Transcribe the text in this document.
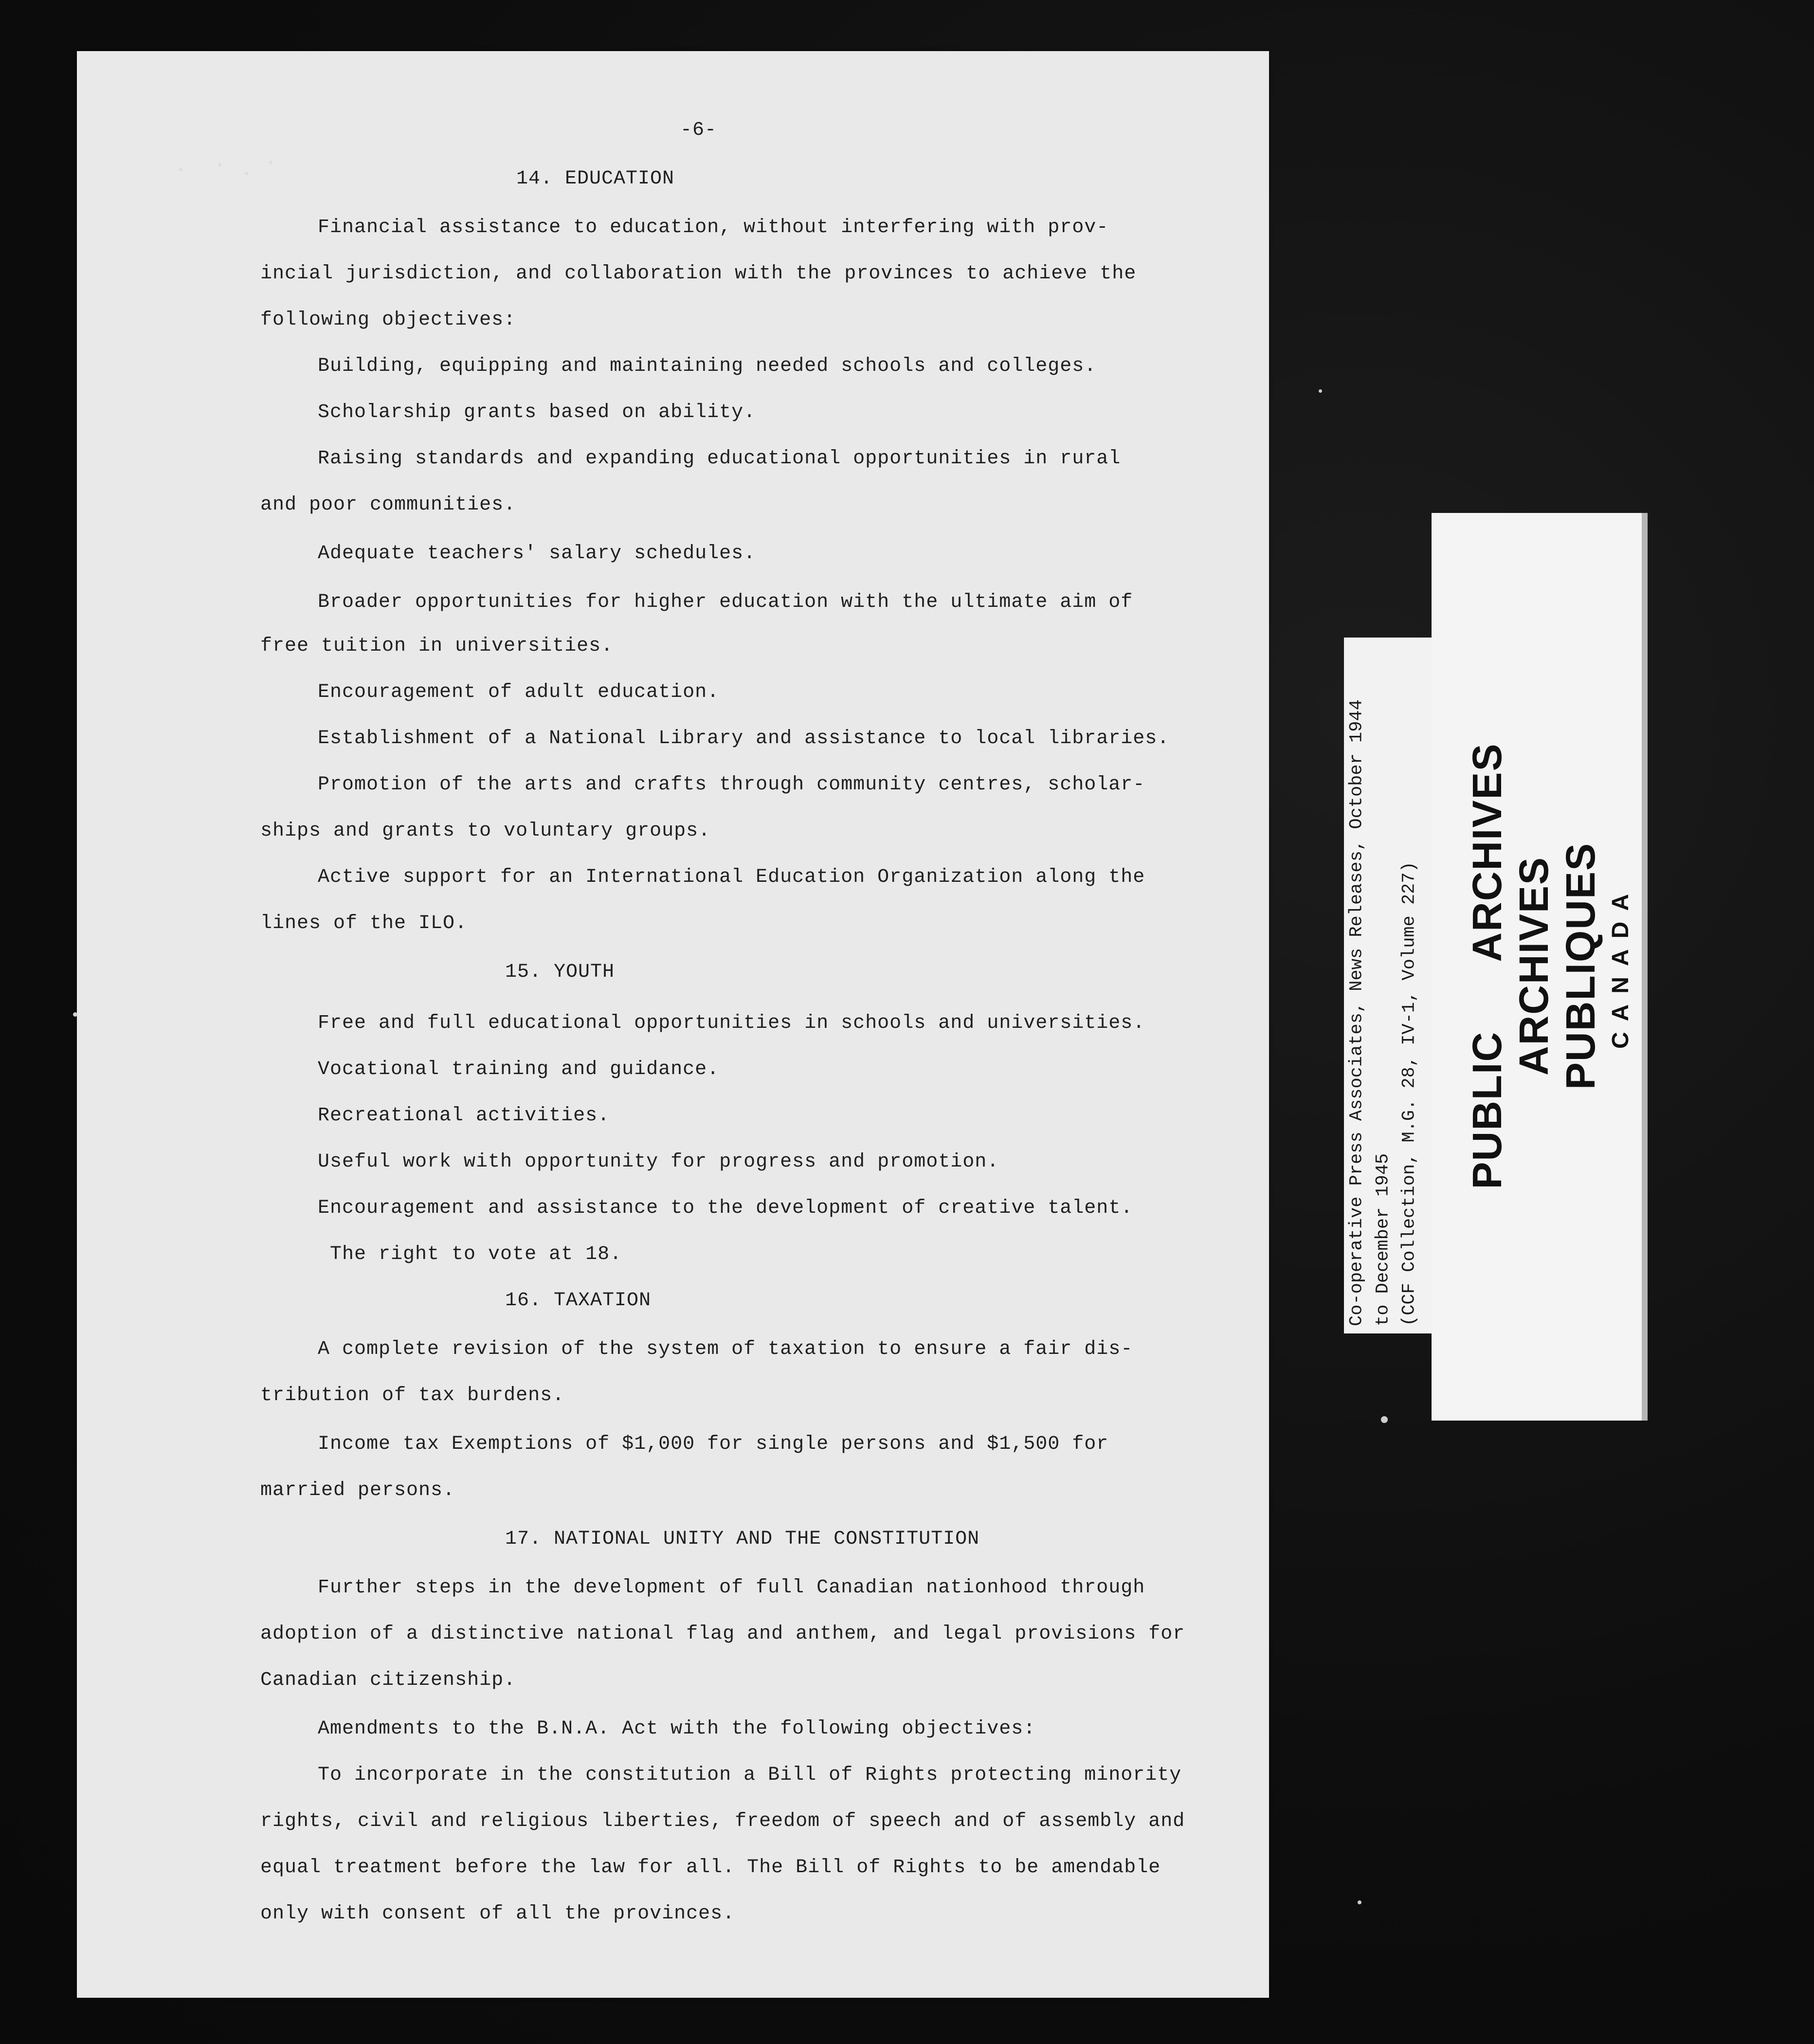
-6-
14. EDUCATION
Financial assistance to education, without interfering with prov-
incial jurisdiction, and collaboration with the provinces to achieve the
following objectives:
Building, equipping and maintaining needed schools and colleges.
Scholarship grants based on ability.
Raising standards and expanding educational opportunities in rural
and poor communities.
Adequate teachers' salary schedules.
Broader opportunities for higher education with the ultimate aim of
free tuition in universities.
Encouragement of adult education.
Establishment of a National Library and assistance to local libraries.
Promotion of the arts and crafts through community centres, scholar-
ships and grants to voluntary groups.
Active support for an International Education Organization along the
lines of the ILO.
15. YOUTH
Free and full educational opportunities in schools and universities.
Vocational training and guidance.
Recreational activities.
Useful work with opportunity for progress and promotion.
Encouragement and assistance to the development of creative talent.
The right to vote at 18.
16. TAXATION
A complete revision of the system of taxation to ensure a fair dis-
tribution of tax burdens.
Income tax Exemptions of $1,000 for single persons and $1,500 for
married persons.
17. NATIONAL UNITY AND THE CONSTITUTION
Further steps in the development of full Canadian nationhood through
adoption of a distinctive national flag and anthem, and legal provisions for
Canadian citizenship.
Amendments to the B.N.A. Act with the following objectives:
To incorporate in the constitution a Bill of Rights protecting minority
rights, civil and religious liberties, freedom of speech and of assembly and
equal treatment before the law for all. The Bill of Rights to be amendable
only with consent of all the provinces.
Co-operative Press Associates, News Releases, October 1944 to December 1945 (CCF Collection, M.G. 28, IV-1, Volume 227) PUBLIC ARCHIVES ARCHIVES PUBLIQUES CANADA
